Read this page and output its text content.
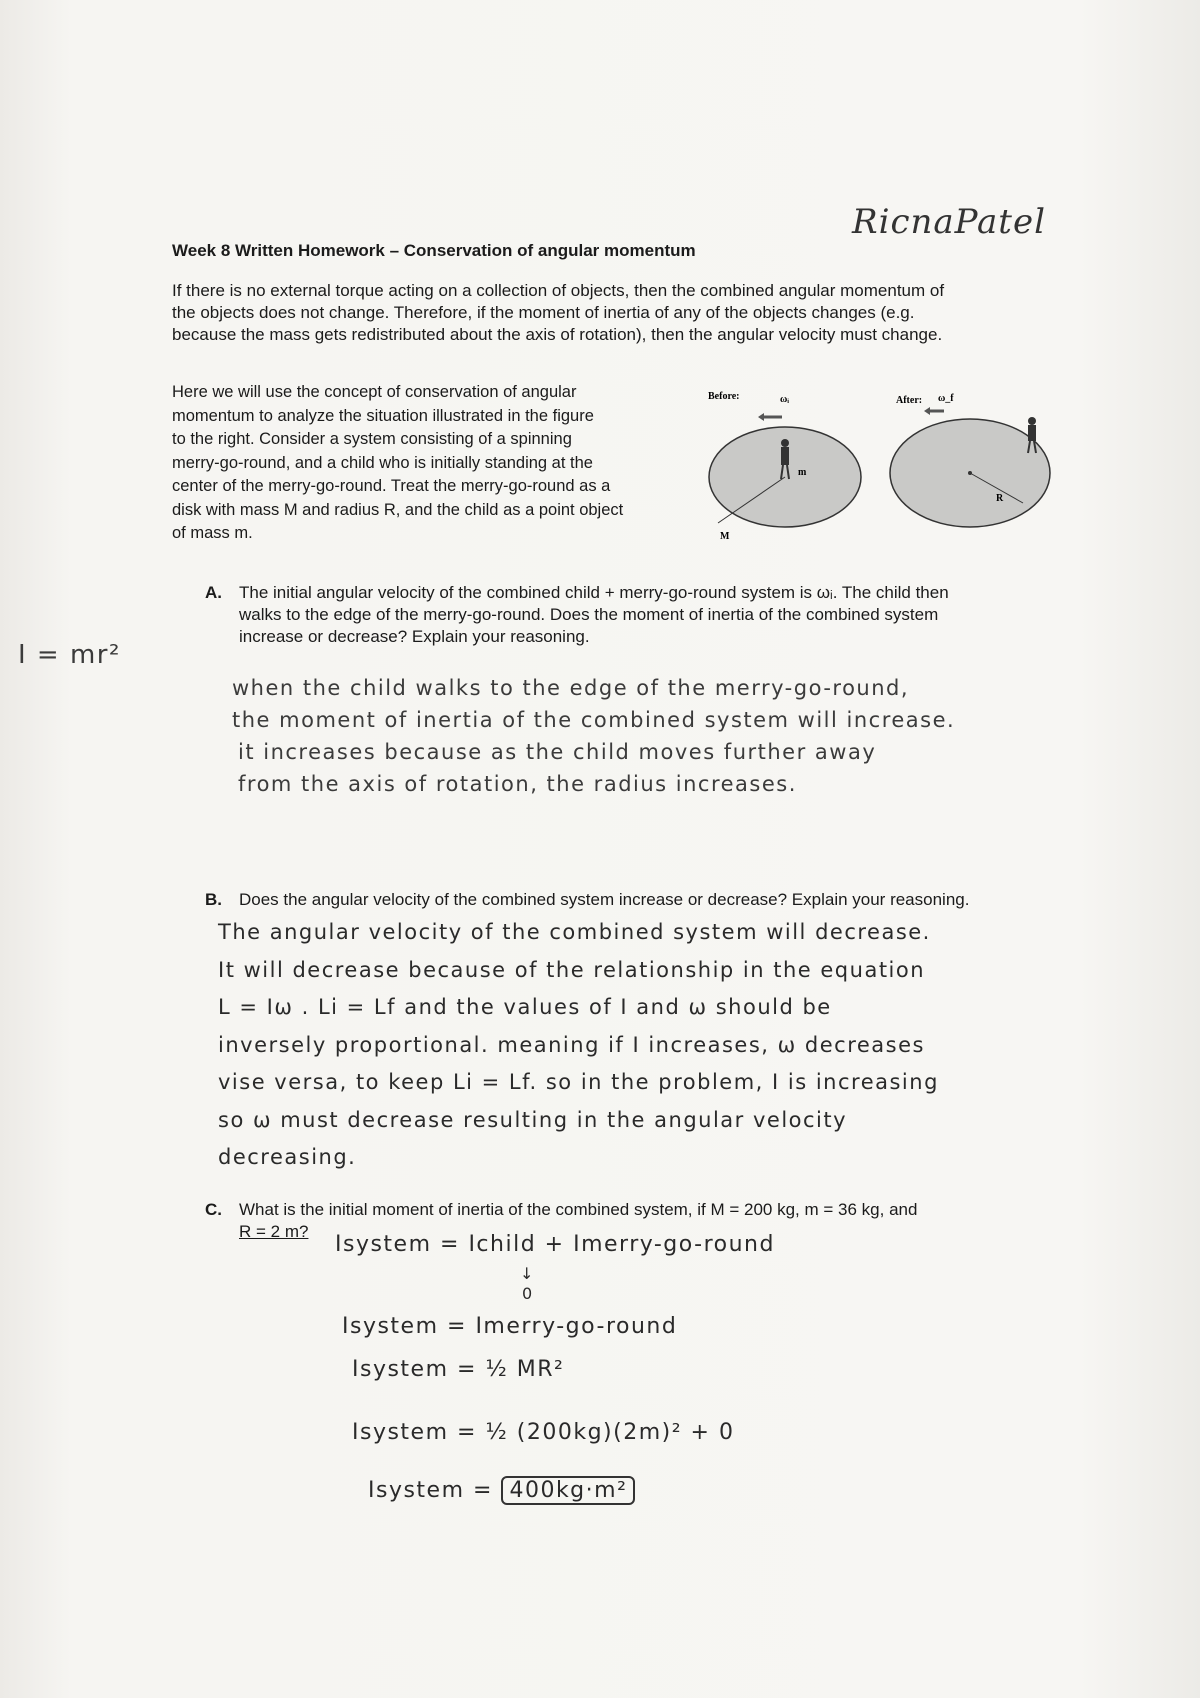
RicnaPatel
Week 8 Written Homework – Conservation of angular momentum
If there is no external torque acting on a collection of objects, then the combined angular momentum of
the objects does not change. Therefore, if the moment of inertia of any of the objects changes (e.g.
because the mass gets redistributed about the axis of rotation), then the angular velocity must change.
Here we will use the concept of conservation of angular
momentum to analyze the situation illustrated in the figure
to the right. Consider a system consisting of a spinning
merry-go-round, and a child who is initially standing at the
center of the merry-go-round. Treat the merry-go-round as a
disk with mass M and radius R, and the child as a point object
of mass m.
Before:	After:
ωᵢ	ω_f
m
M
R
I = mr²
A. The initial angular velocity of the combined child + merry-go-round system is ωᵢ. The child then
walks to the edge of the merry-go-round. Does the moment of inertia of the combined system
increase or decrease? Explain your reasoning.
when the child walks to the edge of the merry-go-round,
the moment of inertia of the combined system will increase.
it increases because as the child moves further away
from the axis of rotation, the radius increases.
B. Does the angular velocity of the combined system increase or decrease? Explain your reasoning.
The angular velocity of the combined system will decrease.
It will decrease because of the relationship in the equation
L = Iω . Li = Lf and the values of I and ω should be
inversely proportional. meaning if I increases, ω decreases
vise versa, to keep Li = Lf. so in the problem, I is increasing
so ω must decrease resulting in the angular velocity
decreasing.
C. What is the initial moment of inertia of the combined system, if M = 200 kg, m = 36 kg, and
R = 2 m?
Isystem = Ichild + Imerry-go-round
↓
0
Isystem = Imerry-go-round
Isystem = ½ MR²
Isystem = ½ (200kg)(2m)² + 0
Isystem = 400kg·m²
